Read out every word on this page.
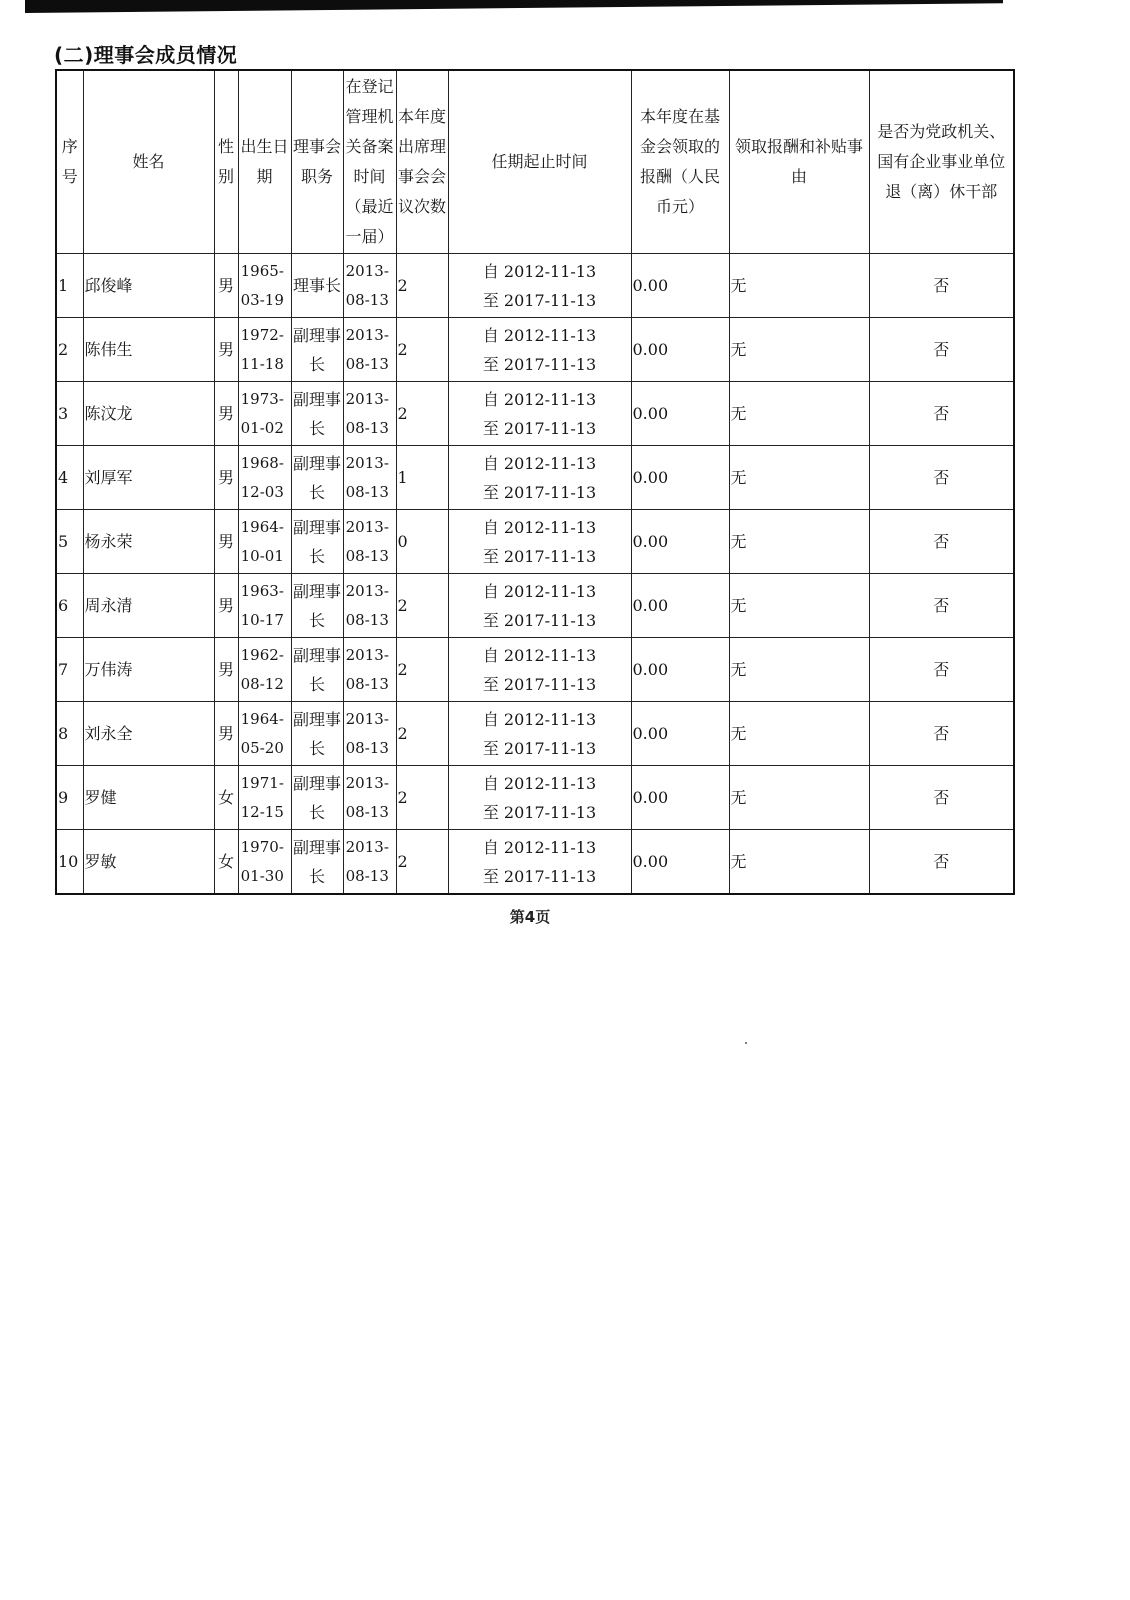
(二)理事会成员情况
序号	姓名	性别	出生日期	理事会职务	在登记管理机关备案时间（最近一届）	本年度出席理事会会议次数	任期起止时间	本年度在基金会领取的报酬（人民币元）	领取报酬和补贴事由	是否为党政机关、国有企业事业单位退（离）休干部
1	邱俊峰	男	1965-03-19	理事长	2013-08-13	2	自 2012-11-13
至 2017-11-13	0.00	无	否
2	陈伟生	男	1972-11-18	副理事长	2013-08-13	2	自 2012-11-13
至 2017-11-13	0.00	无	否
3	陈汶龙	男	1973-01-02	副理事长	2013-08-13	2	自 2012-11-13
至 2017-11-13	0.00	无	否
4	刘厚军	男	1968-12-03	副理事长	2013-08-13	1	自 2012-11-13
至 2017-11-13	0.00	无	否
5	杨永荣	男	1964-10-01	副理事长	2013-08-13	0	自 2012-11-13
至 2017-11-13	0.00	无	否
6	周永清	男	1963-10-17	副理事长	2013-08-13	2	自 2012-11-13
至 2017-11-13	0.00	无	否
7	万伟涛	男	1962-08-12	副理事长	2013-08-13	2	自 2012-11-13
至 2017-11-13	0.00	无	否
8	刘永全	男	1964-05-20	副理事长	2013-08-13	2	自 2012-11-13
至 2017-11-13	0.00	无	否
9	罗健	女	1971-12-15	副理事长	2013-08-13	2	自 2012-11-13
至 2017-11-13	0.00	无	否
10	罗敏	女	1970-01-30	副理事长	2013-08-13	2	自 2012-11-13
至 2017-11-13	0.00	无	否
第4页
